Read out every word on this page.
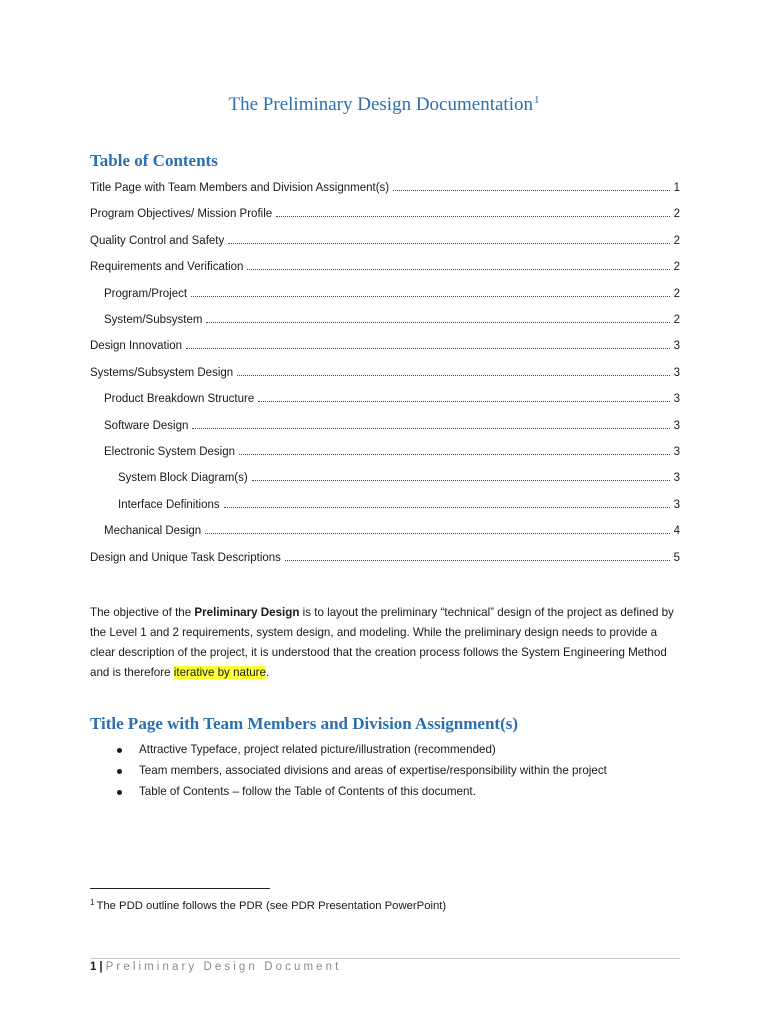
The Preliminary Design Documentation$^1$
Table of Contents
Title Page with Team Members and Division Assignment(s)	1
Program Objectives/ Mission Profile	2
Quality Control and Safety	2
Requirements and Verification	2
Program/Project	2
System/Subsystem	2
Design Innovation	3
Systems/Subsystem Design	3
Product Breakdown Structure	3
Software Design	3
Electronic System Design	3
System Block Diagram(s)	3
Interface Definitions	3
Mechanical Design	4
Design and Unique Task Descriptions	5
The objective of the Preliminary Design is to layout the preliminary “technical” design of the project as defined by the Level 1 and 2 requirements, system design, and modeling. While the preliminary design needs to provide a clear description of the project, it is understood that the creation process follows the System Engineering Method and is therefore iterative by nature.
Title Page with Team Members and Division Assignment(s)
Attractive Typeface, project related picture/illustration (recommended)
Team members, associated divisions and areas of expertise/responsibility within the project
Table of Contents – follow the Table of Contents of this document.
$^1$ The PDD outline follows the PDR (see PDR Presentation PowerPoint)
1 | Preliminary Design Document
